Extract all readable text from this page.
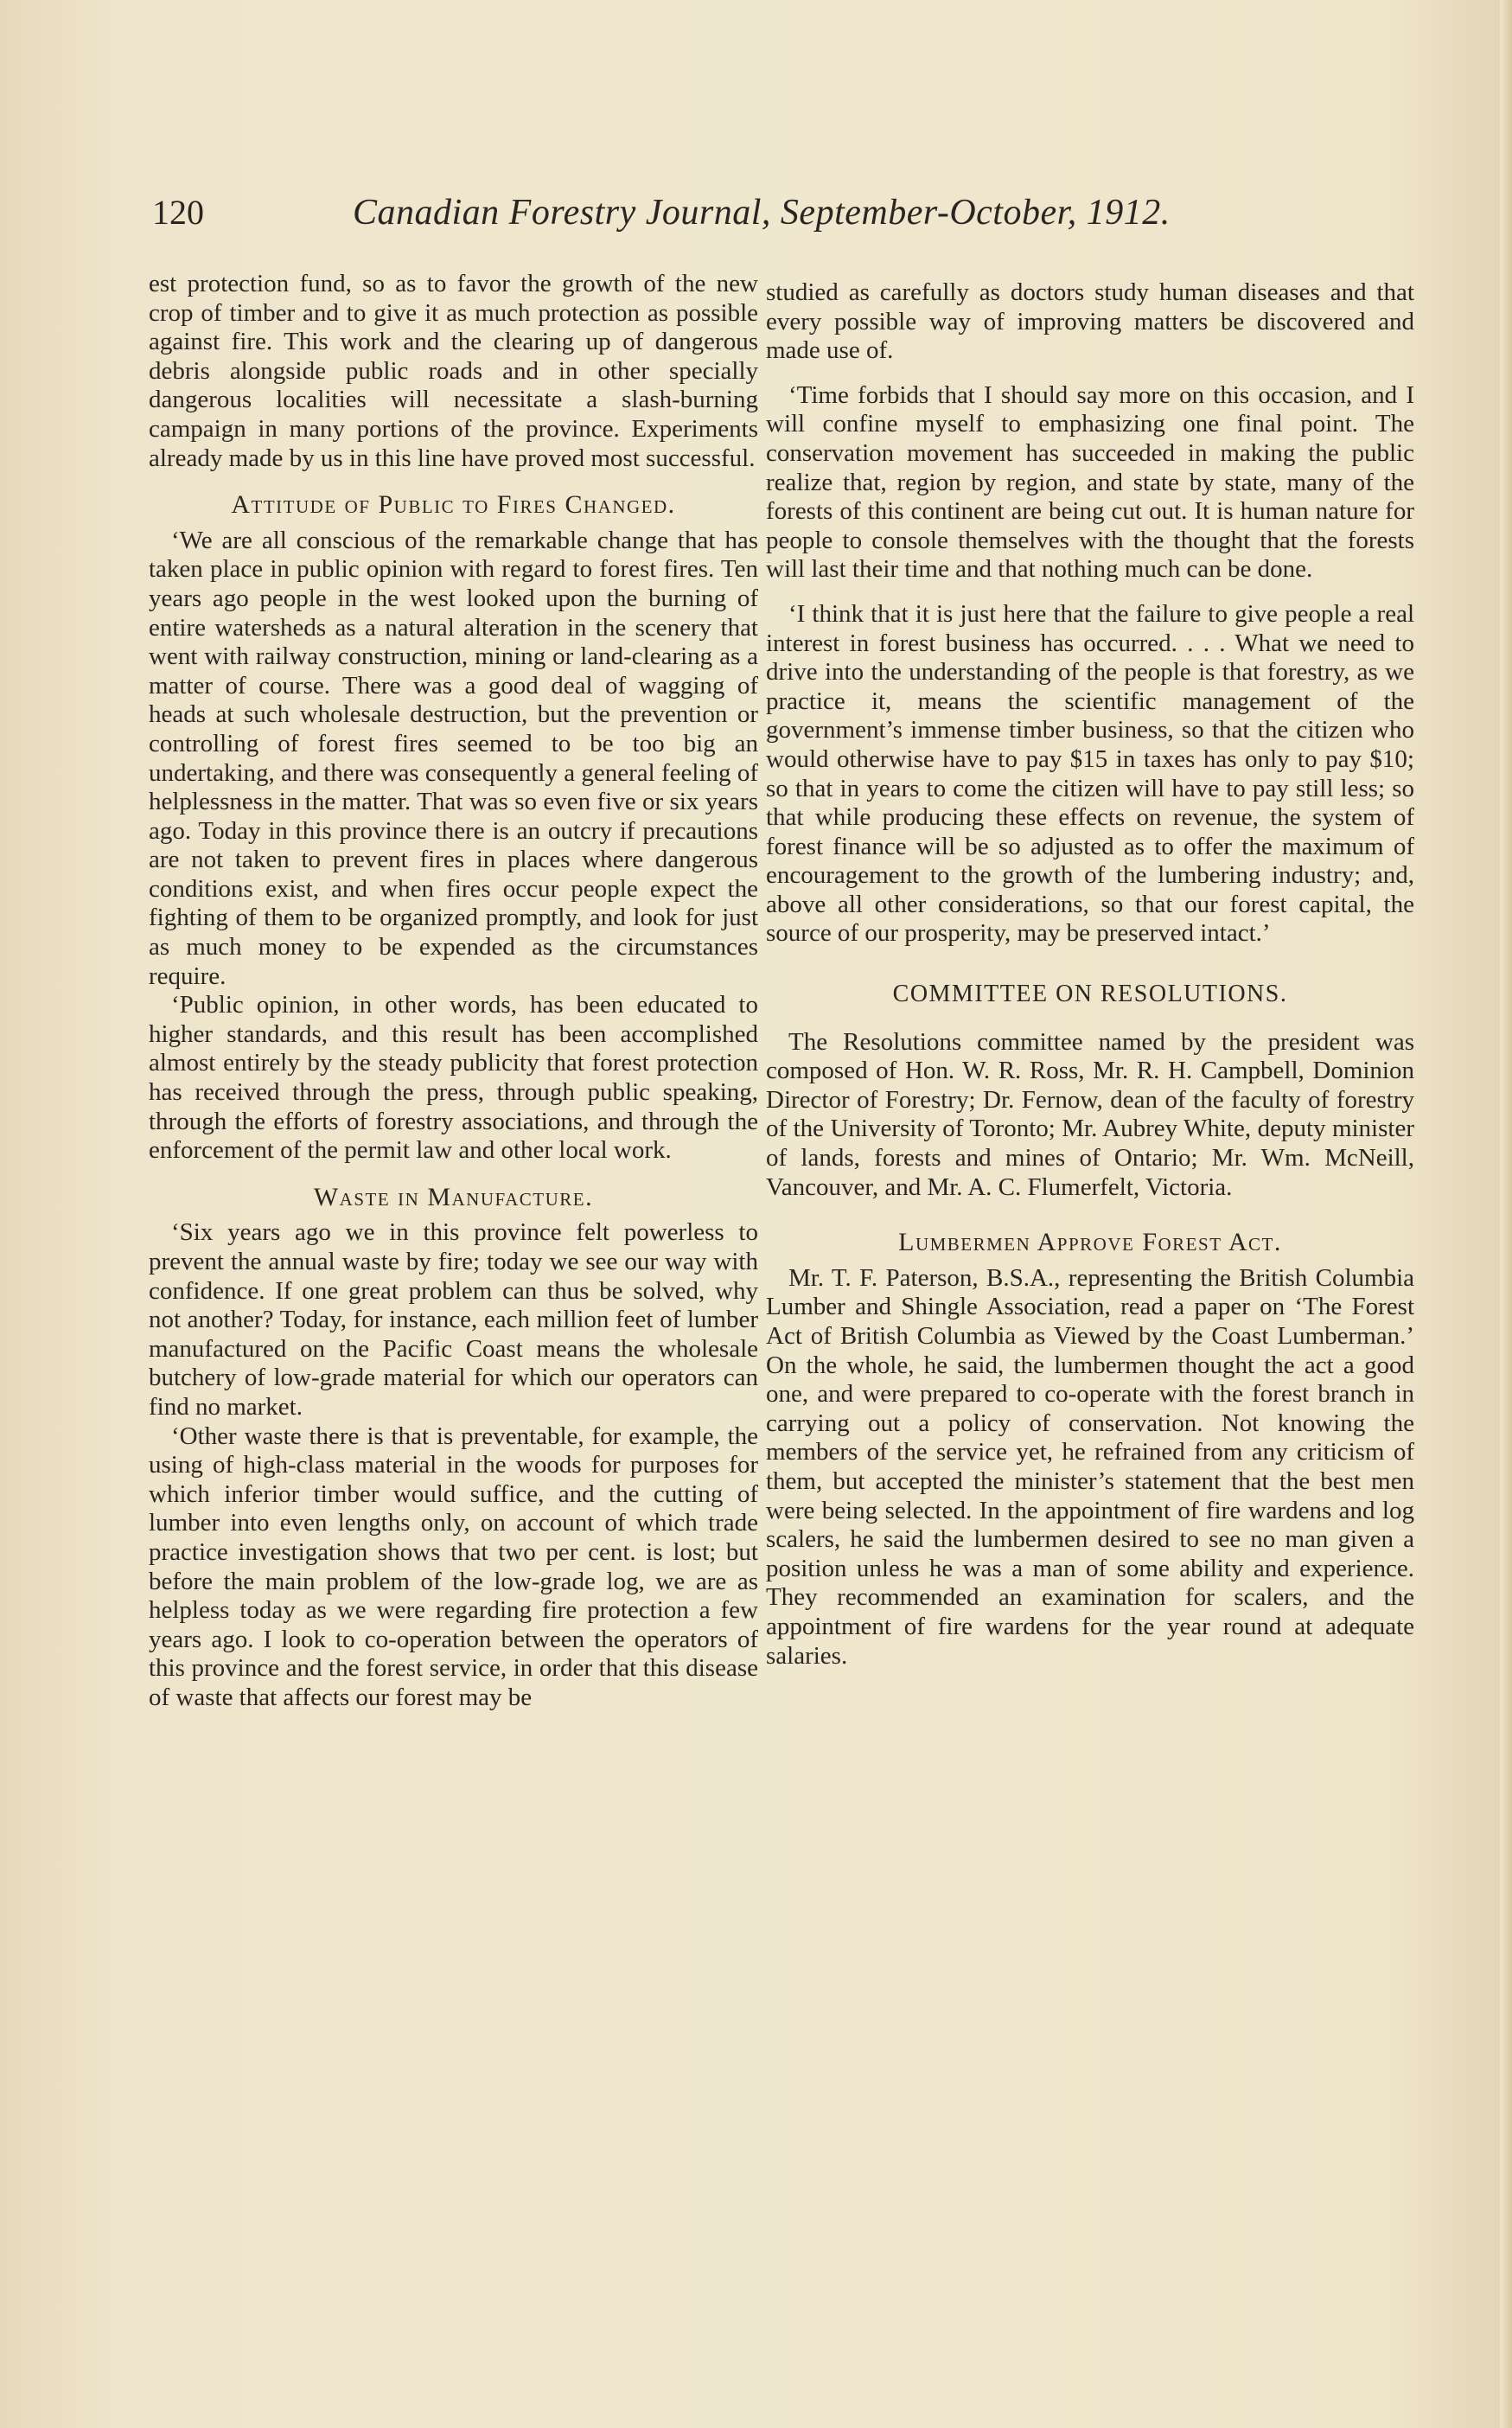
120	Canadian Forestry Journal, September-October, 1912.

est protection fund, so as to favor the growth of the new crop of timber and to give it as much protection as possible against fire. This work and the clearing up of dangerous debris alongside public roads and in other specially dangerous localities will necessitate a slash-burning campaign in many portions of the province. Experiments already made by us in this line have proved most successful.

Attitude of Public to Fires Changed.

‘We are all conscious of the remarkable change that has taken place in public opinion with regard to forest fires. Ten years ago people in the west looked upon the burning of entire watersheds as a natural alteration in the scenery that went with railway construction, mining or land-clearing as a matter of course. There was a good deal of wagging of heads at such wholesale destruction, but the prevention or controlling of forest fires seemed to be too big an undertaking, and there was consequently a general feeling of helplessness in the matter. That was so even five or six years ago. Today in this province there is an outcry if precautions are not taken to prevent fires in places where dangerous conditions exist, and when fires occur people expect the fighting of them to be organized promptly, and look for just as much money to be expended as the circumstances require.

‘Public opinion, in other words, has been educated to higher standards, and this result has been accomplished almost entirely by the steady publicity that forest protection has received through the press, through public speaking, through the efforts of forestry associations, and through the enforcement of the permit law and other local work.

Waste in Manufacture.

‘Six years ago we in this province felt powerless to prevent the annual waste by fire; today we see our way with confidence. If one great problem can thus be solved, why not another? Today, for instance, each million feet of lumber manufactured on the Pacific Coast means the wholesale butchery of low-grade material for which our operators can find no market.

‘Other waste there is that is preventable, for example, the using of high-class material in the woods for purposes for which inferior timber would suffice, and the cutting of lumber into even lengths only, on account of which trade practice investigation shows that two per cent. is lost; but before the main problem of the low-grade log, we are as helpless today as we were regarding fire protection a few years ago. I look to co-operation between the operators of this province and the forest service, in order that this disease of waste that affects our forest may be

studied as carefully as doctors study human diseases and that every possible way of improving matters be discovered and made use of.

‘Time forbids that I should say more on this occasion, and I will confine myself to emphasizing one final point. The conservation movement has succeeded in making the public realize that, region by region, and state by state, many of the forests of this continent are being cut out. It is human nature for people to console themselves with the thought that the forests will last their time and that nothing much can be done.

‘I think that it is just here that the failure to give people a real interest in forest business has occurred. . . . What we need to drive into the understanding of the people is that forestry, as we practice it, means the scientific management of the government’s immense timber business, so that the citizen who would otherwise have to pay $15 in taxes has only to pay $10; so that in years to come the citizen will have to pay still less; so that while producing these effects on revenue, the system of forest finance will be so adjusted as to offer the maximum of encouragement to the growth of the lumbering industry; and, above all other considerations, so that our forest capital, the source of our prosperity, may be preserved intact.’

COMMITTEE ON RESOLUTIONS.

The Resolutions committee named by the president was composed of Hon. W. R. Ross, Mr. R. H. Campbell, Dominion Director of Forestry; Dr. Fernow, dean of the faculty of forestry of the University of Toronto; Mr. Aubrey White, deputy minister of lands, forests and mines of Ontario; Mr. Wm. McNeill, Vancouver, and Mr. A. C. Flumerfelt, Victoria.

Lumbermen Approve Forest Act.

Mr. T. F. Paterson, B.S.A., representing the British Columbia Lumber and Shingle Association, read a paper on ‘The Forest Act of British Columbia as Viewed by the Coast Lumberman.’ On the whole, he said, the lumbermen thought the act a good one, and were prepared to co-operate with the forest branch in carrying out a policy of conservation. Not knowing the members of the service yet, he refrained from any criticism of them, but accepted the minister’s statement that the best men were being selected. In the appointment of fire wardens and log scalers, he said the lumbermen desired to see no man given a position unless he was a man of some ability and experience. They recommended an examination for scalers, and the appointment of fire wardens for the year round at adequate salaries.
